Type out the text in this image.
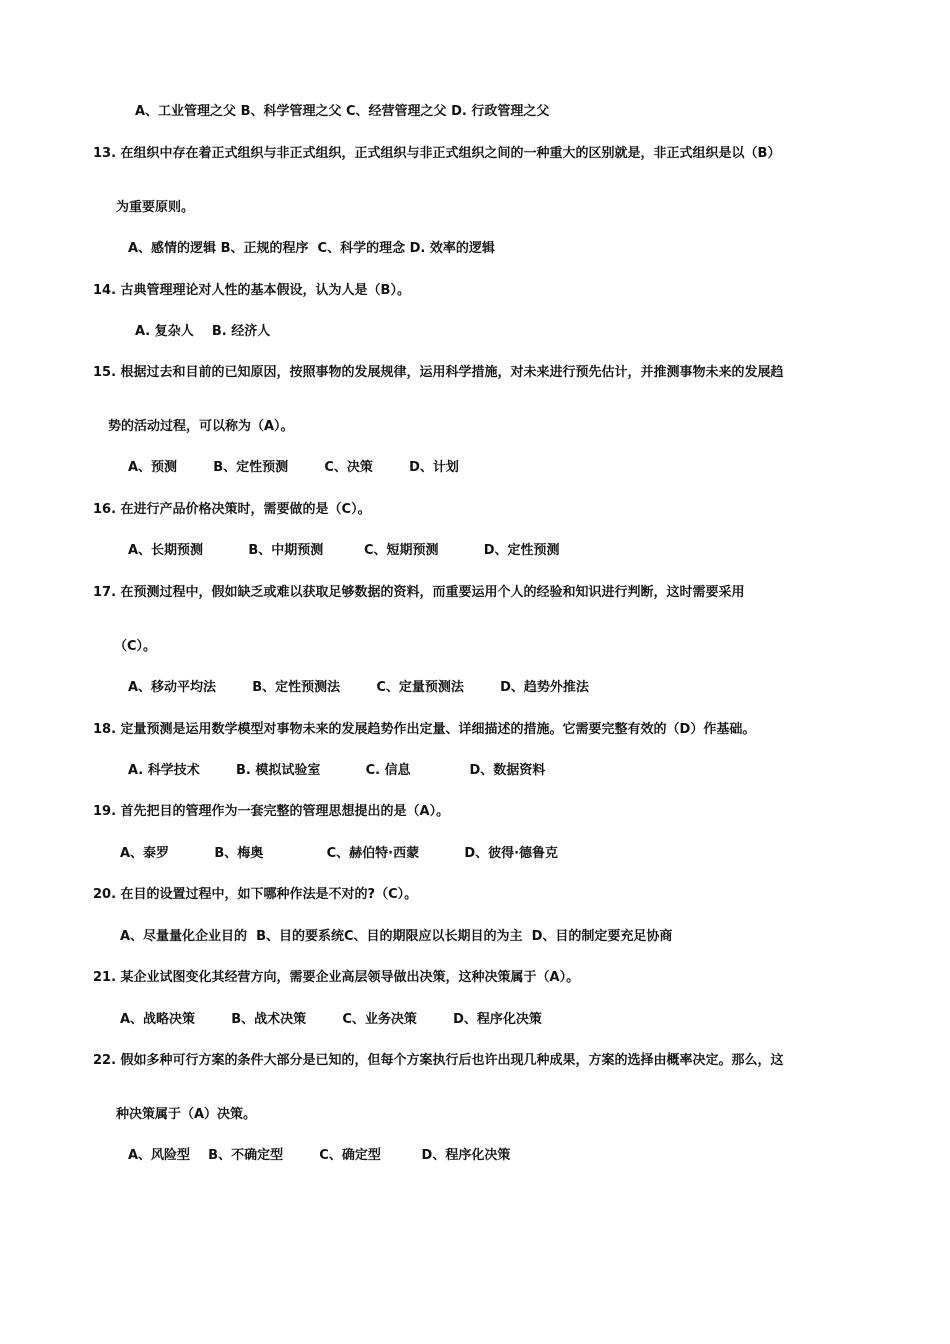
A、工业管理之父 B、科学管理之父 C、经营管理之父 D. 行政管理之父
13. 在组织中存在着正式组织与非正式组织，正式组织与非正式组织之间的一种重大的区别就是，非正式组织是以（B）
为重要原则。
A、感情的逻辑 B、正规的程序  C、科学的理念 D. 效率的逻辑
14. 古典管理理论对人性的基本假设，认为人是（B）。
A. 复杂人    B. 经济人
15. 根据过去和目前的已知原因，按照事物的发展规律，运用科学措施，对未来进行预先估计，并推测事物未来的发展趋
势的活动过程，可以称为（A）。
A、预测        B、定性预测        C、决策        D、计划
16. 在进行产品价格决策时，需要做的是（C）。
A、长期预测          B、中期预测         C、短期预测          D、定性预测
17. 在预测过程中，假如缺乏或难以获取足够数据的资料，而重要运用个人的经验和知识进行判断，这时需要采用
（C）。
A、移动平均法        B、定性预测法        C、定量预测法        D、趋势外推法
18. 定量预测是运用数学模型对事物未来的发展趋势作出定量、详细描述的措施。它需要完整有效的（D）作基础。
A. 科学技术        B. 模拟试验室          C. 信息             D、数据资料
19. 首先把目的管理作为一套完整的管理思想提出的是（A）。
A、泰罗          B、梅奥              C、赫伯特·西蒙          D、彼得·德鲁克
20. 在目的设置过程中，如下哪种作法是不对的?（C）。
A、尽量量化企业目的  B、目的要系统C、目的期限应以长期目的为主  D、目的制定要充足协商
21. 某企业试图变化其经营方向，需要企业高层领导做出决策，这种决策属于（A）。
A、战略决策        B、战术决策        C、业务决策        D、程序化决策
22. 假如多种可行方案的条件大部分是已知的，但每个方案执行后也许出现几种成果，方案的选择由概率决定。那么，这
种决策属于（A）决策。
A、风险型    B、不确定型        C、确定型         D、程序化决策
